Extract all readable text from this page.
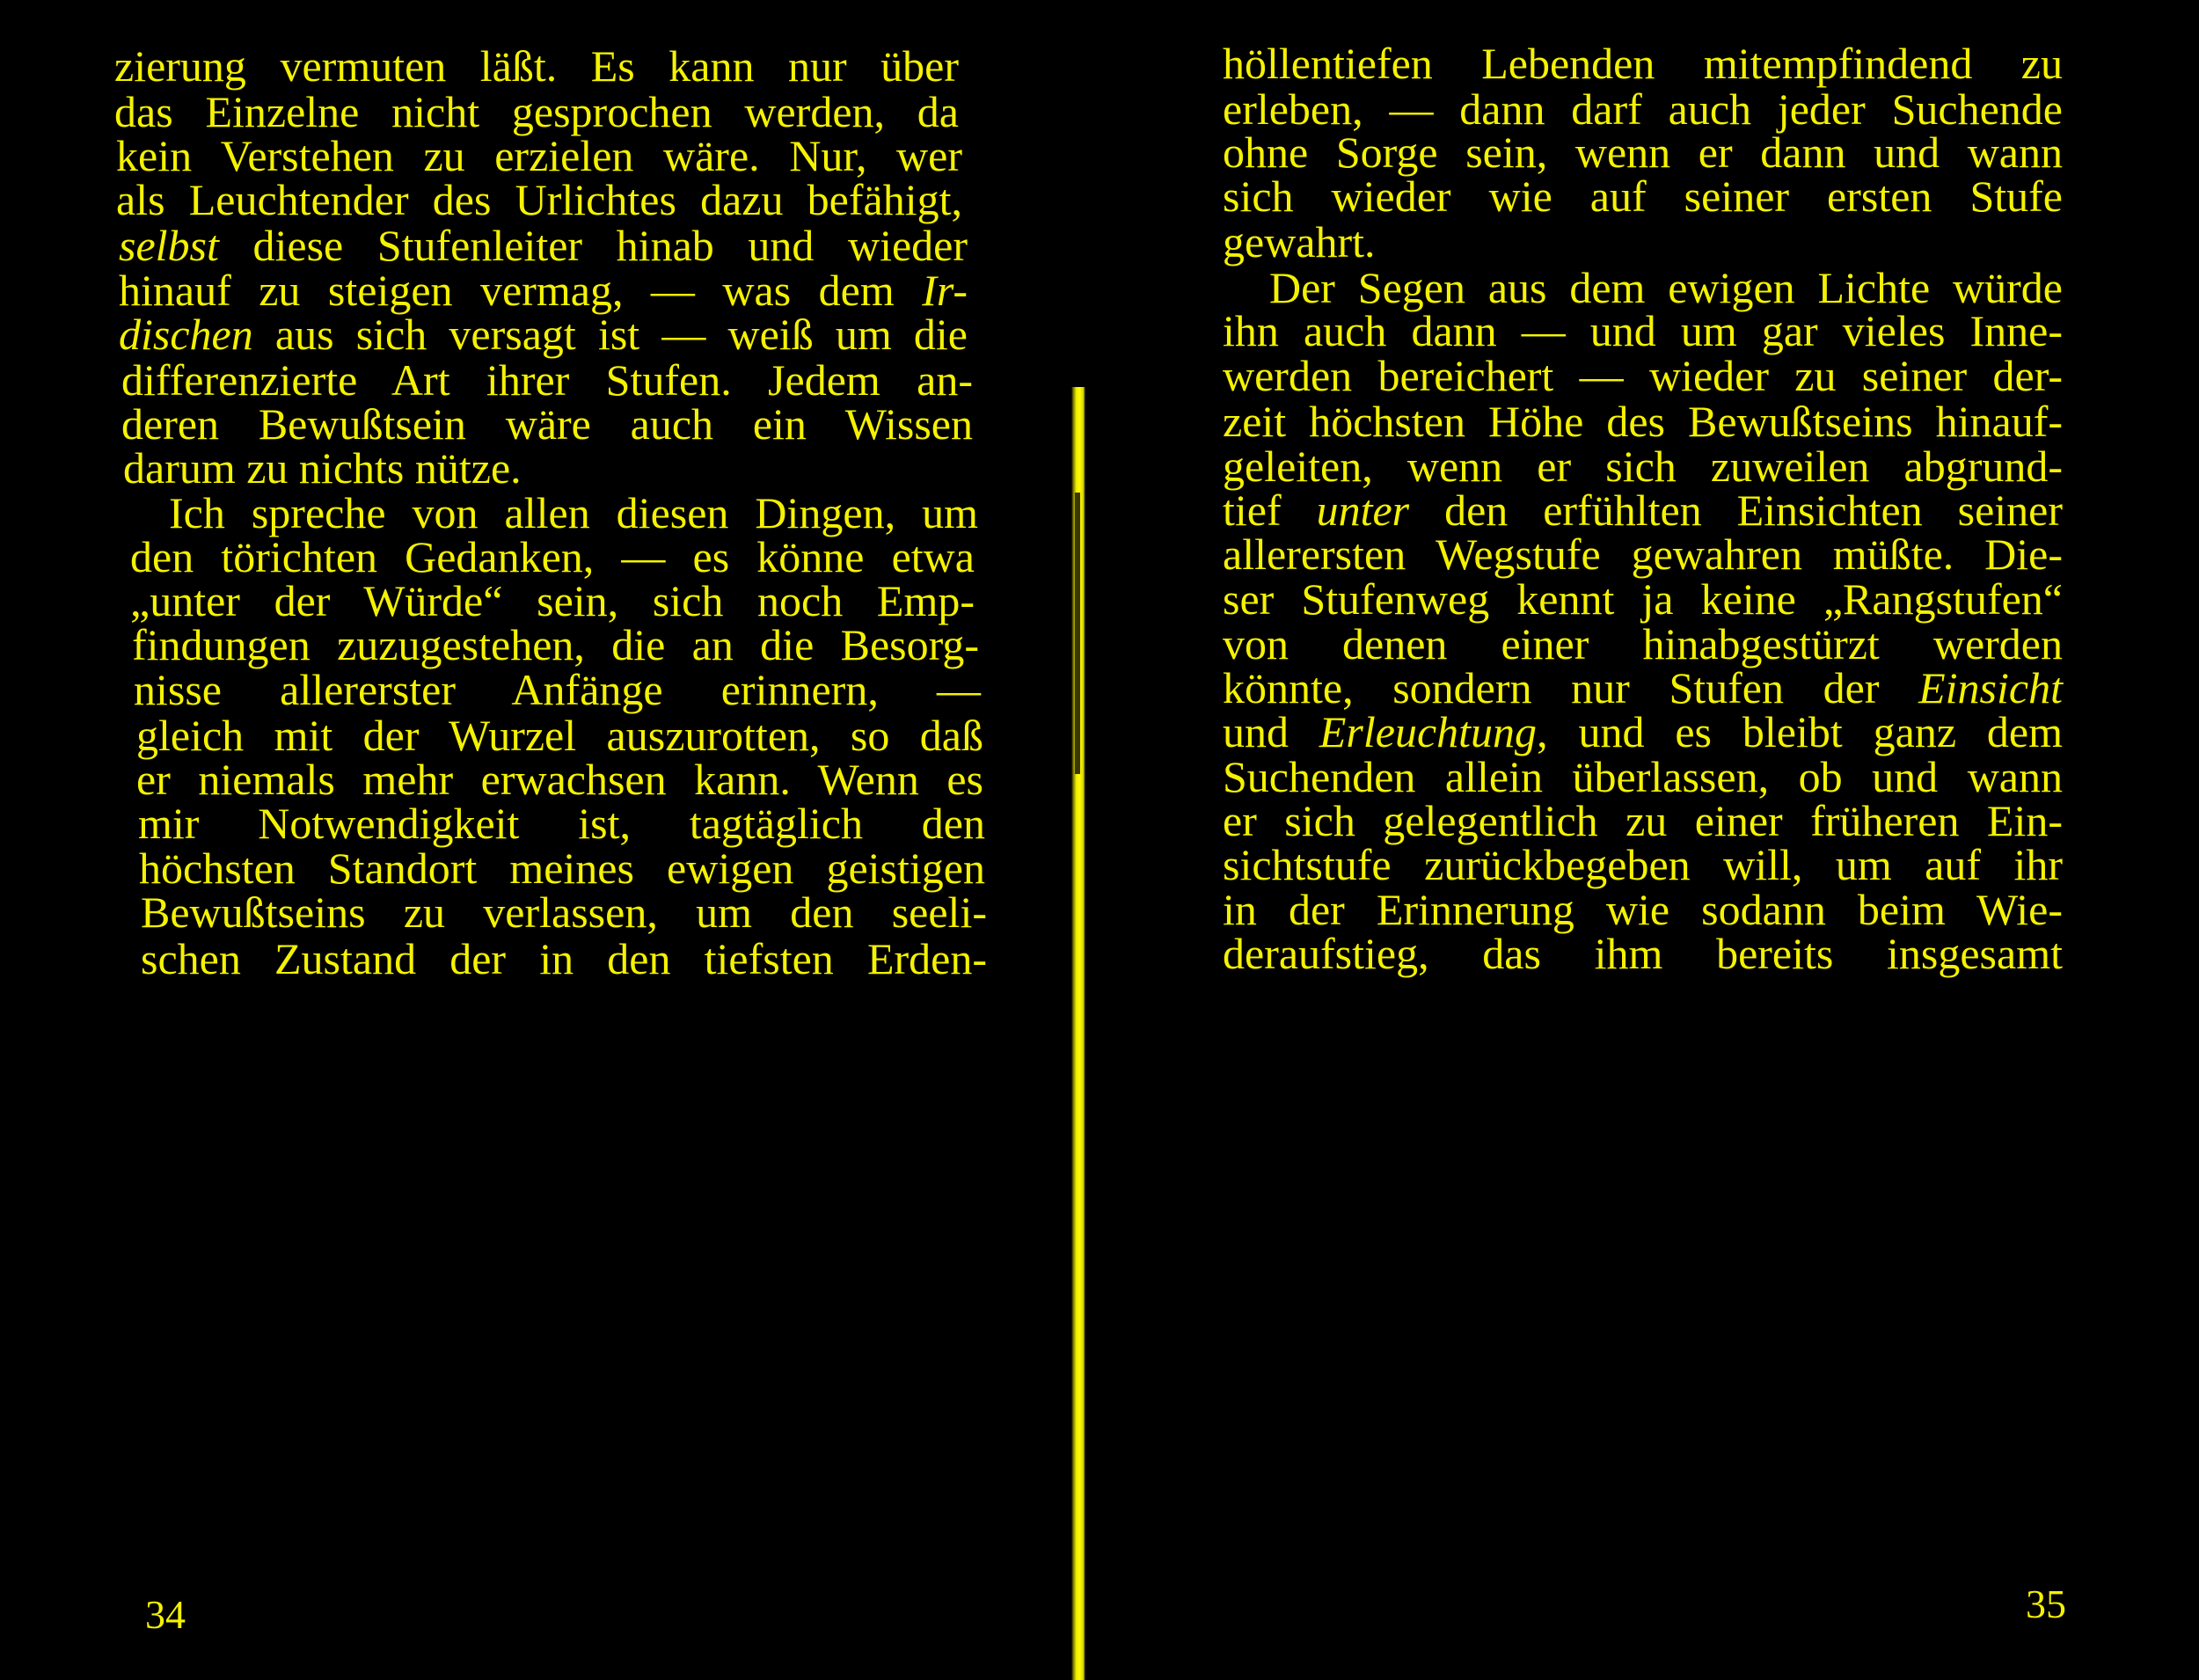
zierung vermuten läßt. Es kann nur über
das Einzelne nicht gesprochen werden, da
kein Verstehen zu erzielen wäre. Nur, wer
als Leuchtender des Urlichtes dazu befähigt,
selbst diese Stufenleiter hinab und wieder
hinauf zu steigen vermag, — was dem Ir-
dischen aus sich versagt ist — weiß um die
differenzierte Art ihrer Stufen. Jedem an-
deren Bewußtsein wäre auch ein Wissen
darum zu nichts nütze.
Ich spreche von allen diesen Dingen, um
den törichten Gedanken, — es könne etwa
„unter der Würde“ sein, sich noch Emp-
findungen zuzugestehen, die an die Besorg-
nisse allererster Anfänge erinnern, —
gleich mit der Wurzel auszurotten, so daß
er niemals mehr erwachsen kann. Wenn es
mir Notwendigkeit ist, tagtäglich den
höchsten Standort meines ewigen geistigen
Bewußtseins zu verlassen, um den seeli-
schen Zustand der in den tiefsten Erden-
34
höllentiefen Lebenden mitempfindend zu
erleben, — dann darf auch jeder Suchende
ohne Sorge sein, wenn er dann und wann
sich wieder wie auf seiner ersten Stufe
gewahrt.
Der Segen aus dem ewigen Lichte würde
ihn auch dann — und um gar vieles Inne-
werden bereichert — wieder zu seiner der-
zeit höchsten Höhe des Bewußtseins hinauf-
geleiten, wenn er sich zuweilen abgrund-
tief unter den erfühlten Einsichten seiner
allerersten Wegstufe gewahren müßte. Die-
ser Stufenweg kennt ja keine „Rangstufen“
von denen einer hinabgestürzt werden
könnte, sondern nur Stufen der Einsicht
und Erleuchtung, und es bleibt ganz dem
Suchenden allein überlassen, ob und wann
er sich gelegentlich zu einer früheren Ein-
sichtstufe zurückbegeben will, um auf ihr
in der Erinnerung wie sodann beim Wie-
deraufstieg, das ihm bereits insgesamt
35
